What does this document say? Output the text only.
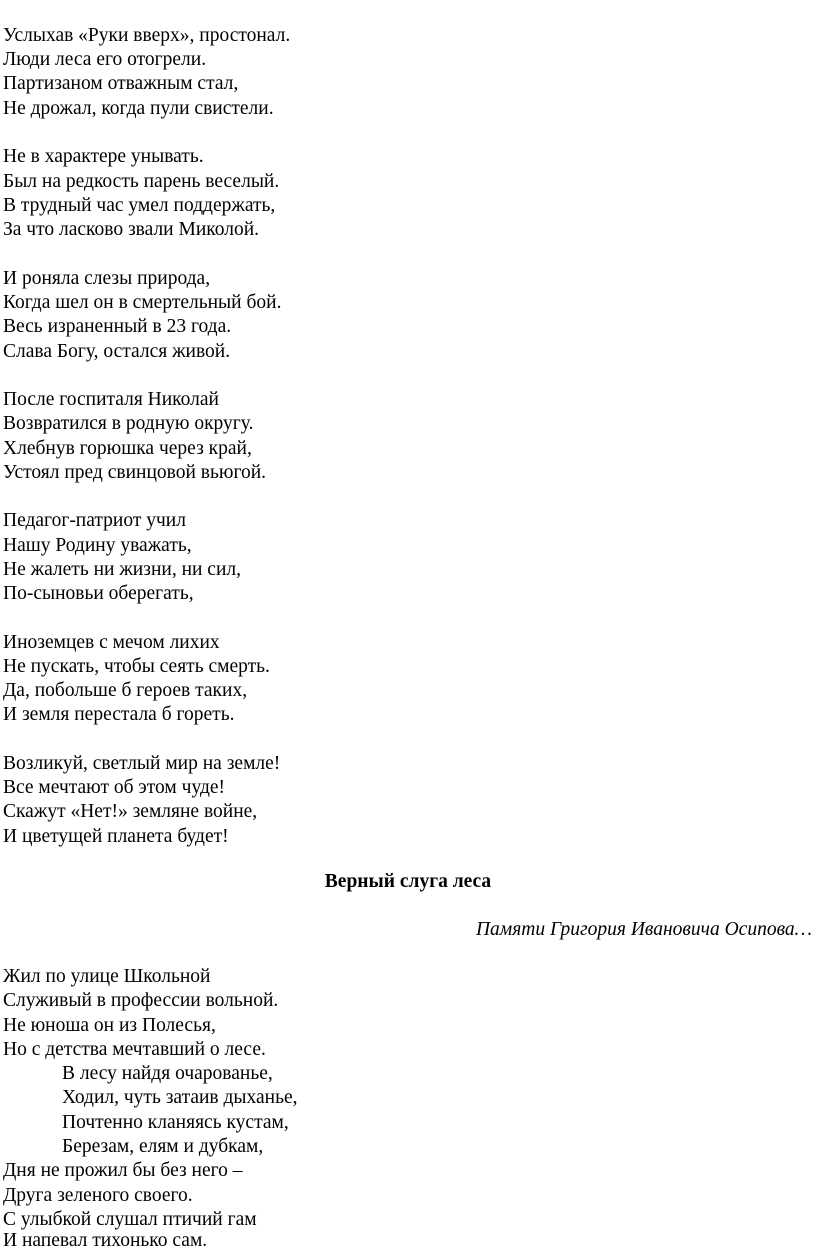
Услыхав «Руки вверх», простонал.
Люди леса его отогрели.
Партизаном отважным стал,
Не дрожал, когда пули свистели.
Не в характере унывать.
Был на редкость парень веселый.
В трудный час умел поддержать,
За что ласково звали Миколой.
И роняла слезы природа,
Когда шел он в смертельный бой.
Весь израненный в 23 года.
Слава Богу, остался живой.
После госпиталя Николай
Возвратился в родную округу.
Хлебнув горюшка через край,
Устоял пред свинцовой вьюгой.
Педагог-патриот учил
Нашу Родину уважать,
Не жалеть ни жизни, ни сил,
По-сыновьи оберегать,
Иноземцев с мечом лихих
Не пускать, чтобы сеять смерть.
Да, побольше б героев таких,
И земля перестала б гореть.
Возликуй, светлый мир на земле!
Все мечтают об этом чуде!
Скажут «Нет!» земляне войне,
И цветущей планета будет!
Верный слуга леса
Памяти Григория Ивановича Осипова…
Жил по улице Школьной
Служивый в профессии вольной.
Не юноша он из Полесья,
Но с детства мечтавший о лесе.
В лесу найдя очарованье,
Ходил, чуть затаив дыханье,
Почтенно кланяясь кустам,
Березам, елям и дубкам,
Дня не прожил бы без него –
Друга зеленого своего.
С улыбкой слушал птичий гам
И напевал тихонько сам.
